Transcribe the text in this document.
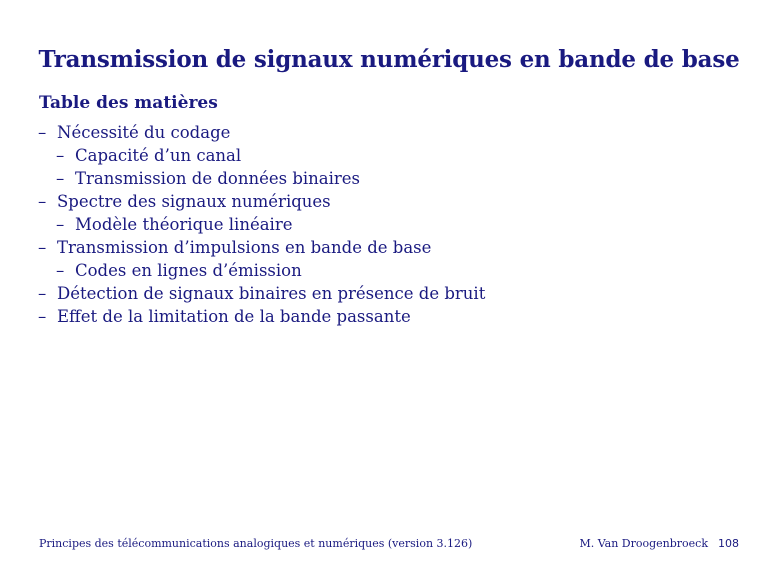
Transmission de signaux numériques en bande de base
Table des matières
– Nécessité du codage
– Capacité d’un canal
– Transmission de données binaires
– Spectre des signaux numériques
– Modèle théorique linéaire
– Transmission d’impulsions en bande de base
– Codes en lignes d’émission
– Détection de signaux binaires en présence de bruit
– Effet de la limitation de la bande passante
Principes des télécommunications analogiques et numériques (version 3.126)	M. Van Droogenbroeck 108
